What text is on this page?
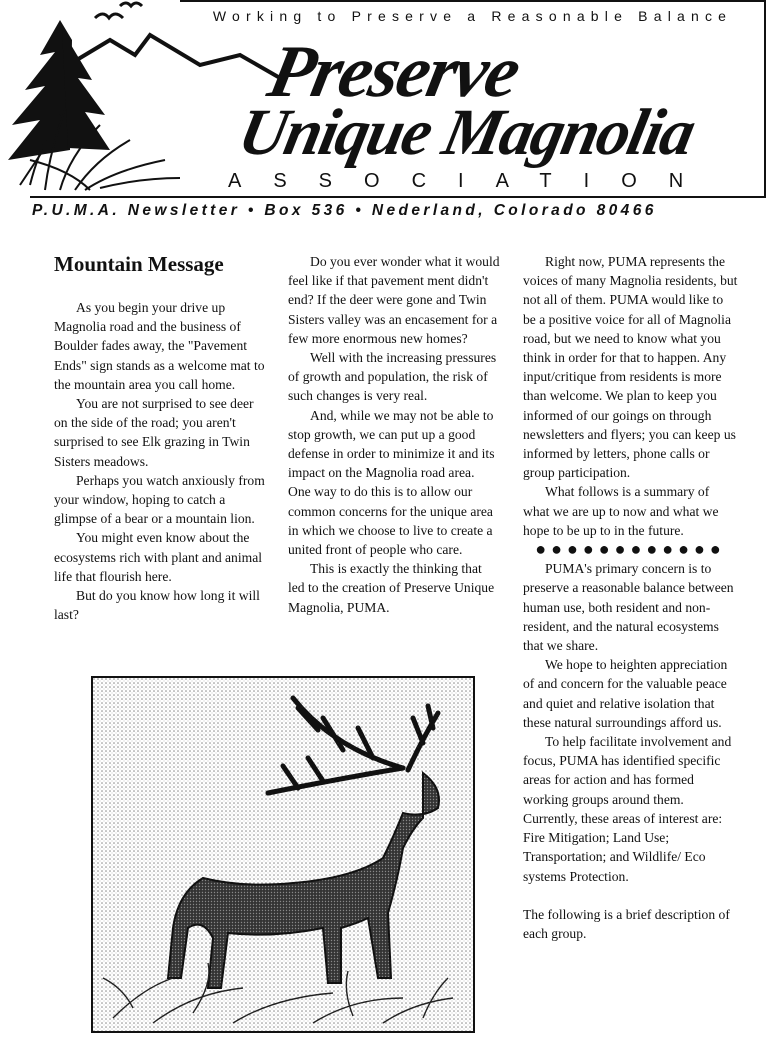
Working to Preserve a Reasonable Balance
Preserve
Unique Magnolia
ASSOCIATION
P.U.M.A. Newsletter • Box 536 • Nederland, Colorado 80466
Mountain Message

As you begin your drive up Magnolia road and the business of Boulder fades away, the "Pavement Ends" sign stands as a welcome mat to the mountain area you call home.

You are not surprised to see deer on the side of the road; you aren't surprised to see Elk grazing in Twin Sisters meadows.

Perhaps you watch anxiously from your window, hoping to catch a glimpse of a bear or a mountain lion.

You might even know about the ecosystems rich with plant and animal life that flourish here.

But do you know how long it will last?

Do you ever wonder what it would feel like if that pavement ment didn't end? If the deer were gone and Twin Sisters valley was an encasement for a few more enormous new homes?

Well with the increasing pressures of growth and population, the risk of such changes is very real.

And, while we may not be able to stop growth, we can put up a good defense in order to minimize it and its impact on the Magnolia road area. One way to do this is to allow our common concerns for the unique area in which we choose to live to create a united front of people who care.

This is exactly the thinking that led to the creation of Preserve Unique Magnolia, PUMA.

Right now, PUMA represents the voices of many Magnolia residents, but not all of them. PUMA would like to be a positive voice for all of Magnolia road, but we need to know what you think in order for that to happen. Any input/critique from residents is more than welcome. We plan to keep you informed of our goings on through newsletters and flyers; you can keep us informed by letters, phone calls or group participation.

What follows is a summary of what we are up to now and what we hope to be up to in the future.

●●●●●●●●●●●●

PUMA's primary concern is to preserve a reasonable balance between human use, both resident and non-resident, and the natural ecosystems that we share.

We hope to heighten appreciation of and concern for the valuable peace and quiet and relative isolation that these natural surroundings afford us.

To help facilitate involvement and focus, PUMA has identified specific areas for action and has formed working groups around them. Currently, these areas of interest are: Fire Mitigation; Land Use; Transportation; and Wildlife/ Eco systems Protection.

The following is a brief description of each group.
